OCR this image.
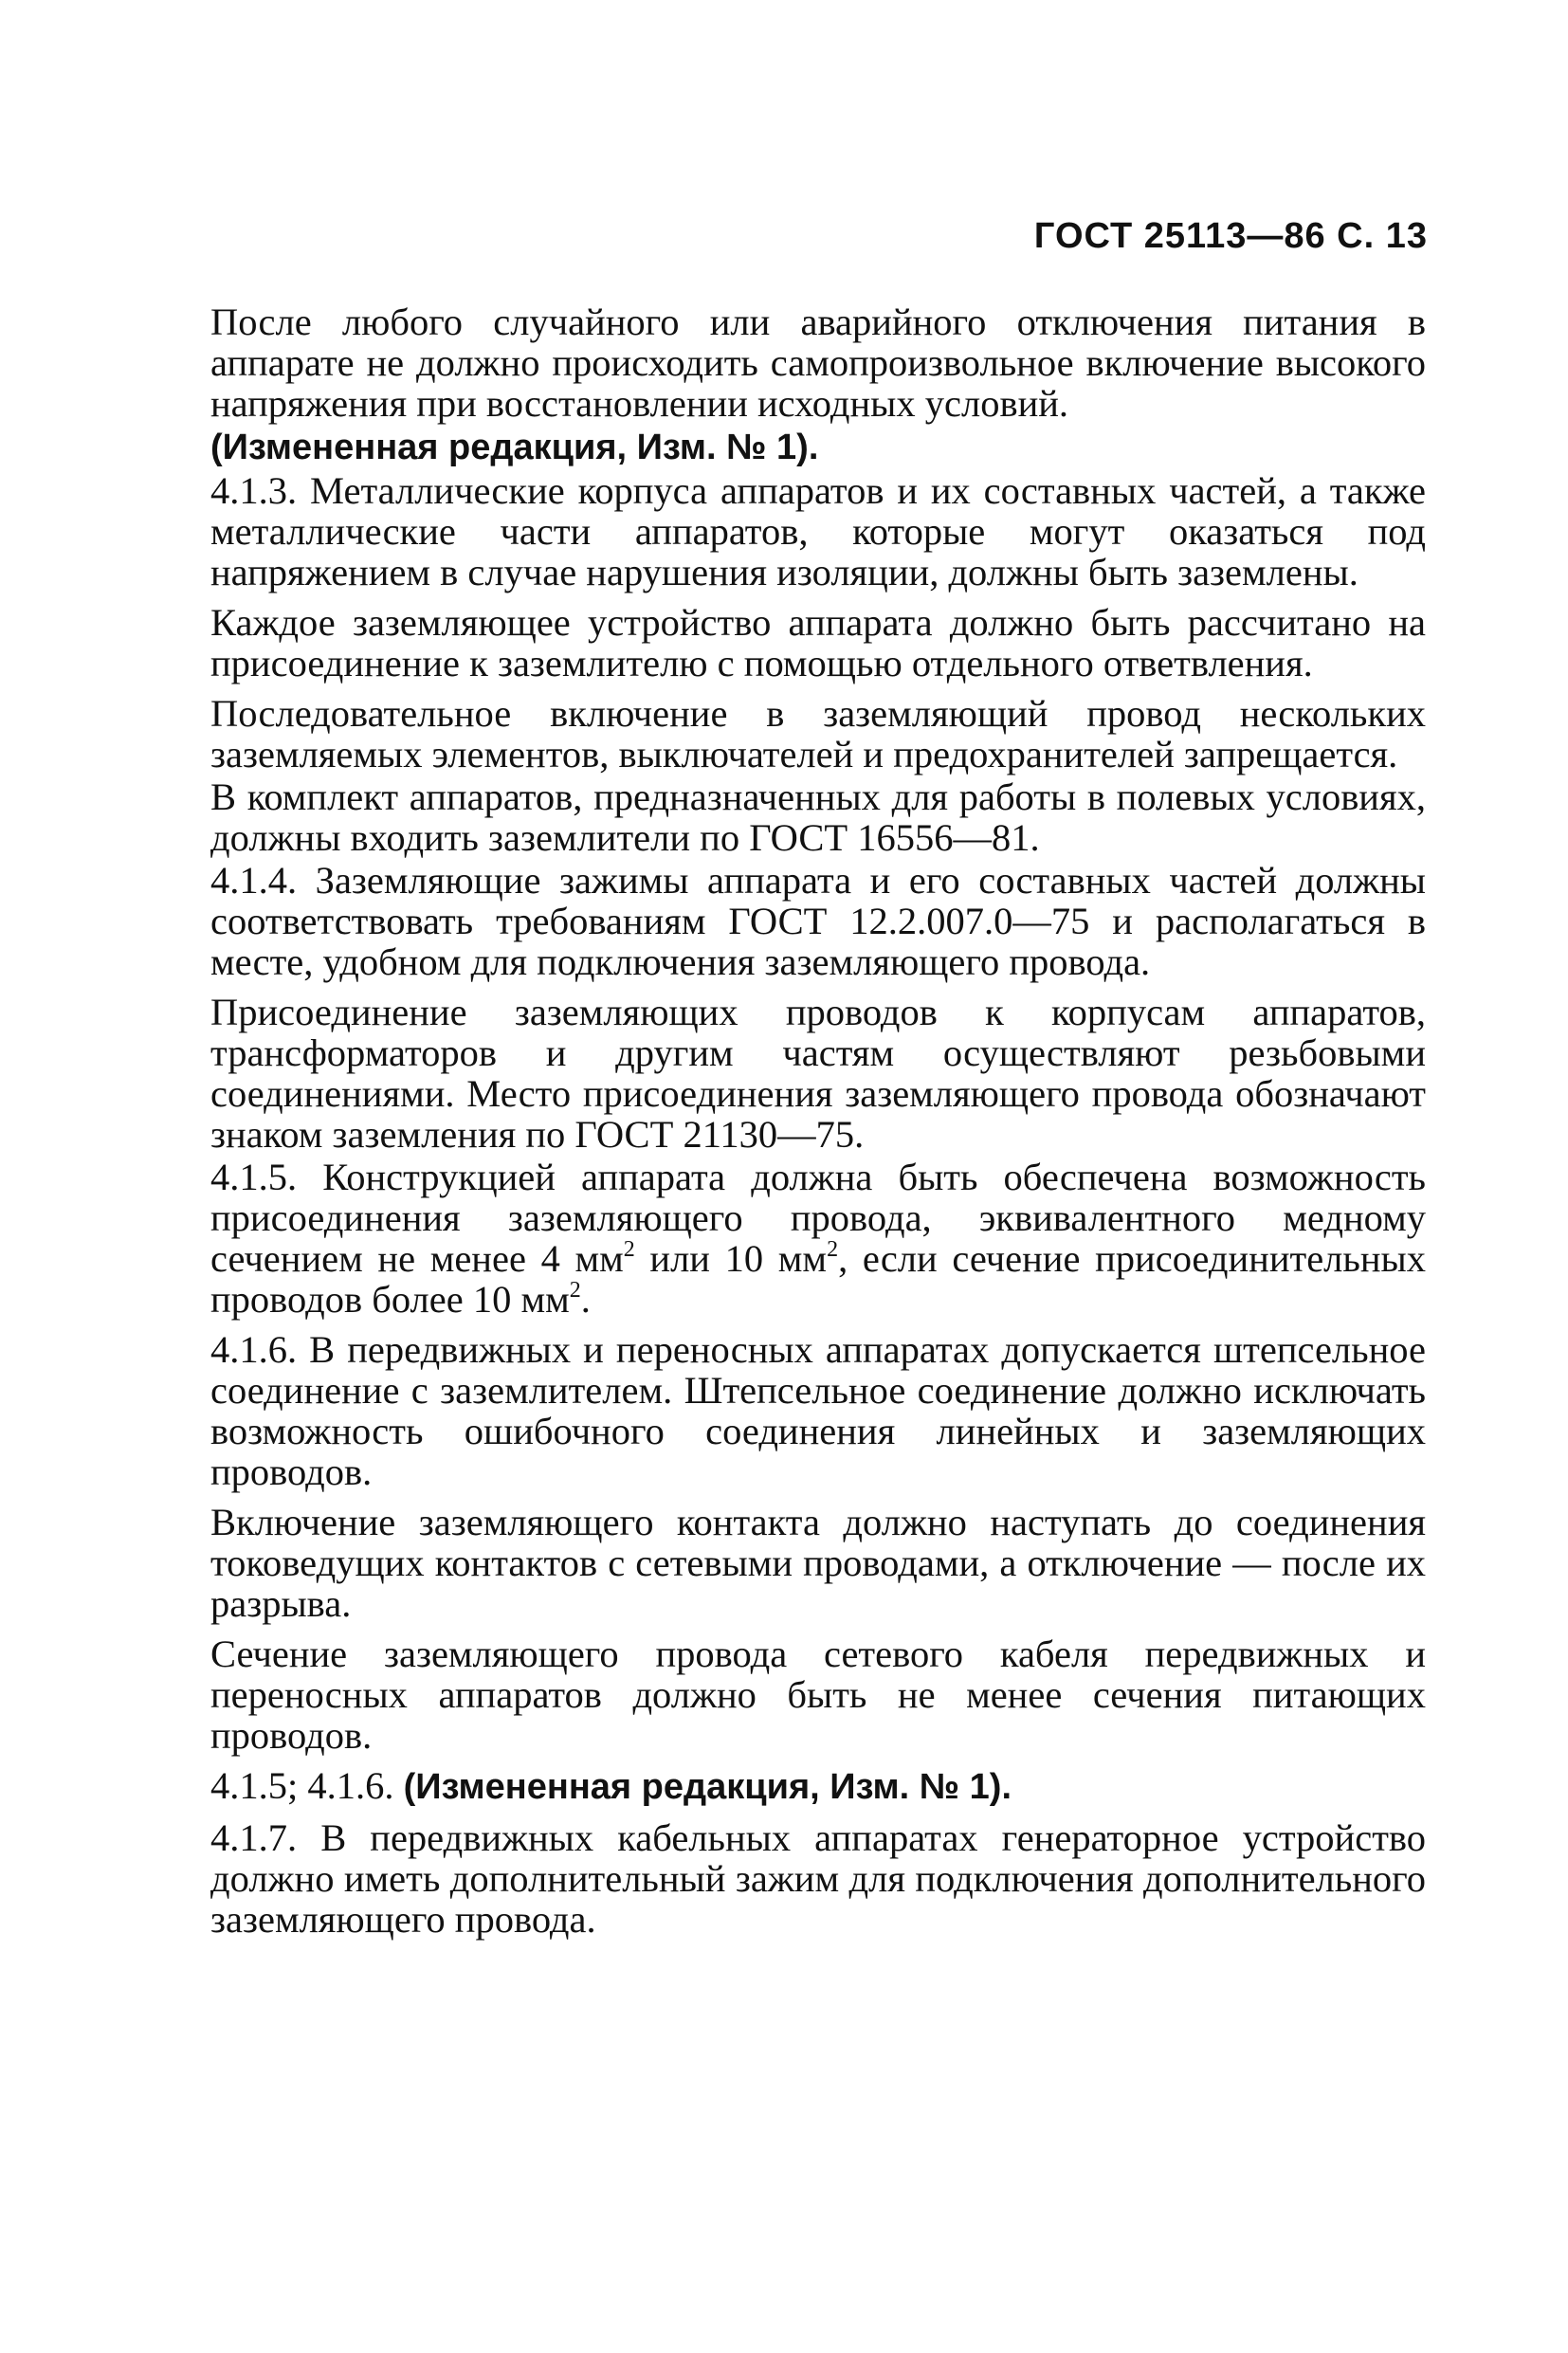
ГОСТ 25113—86 С. 13

После любого случайного или аварийного отключения питания в аппарате не должно происходить самопроизвольное включение высокого напряжения при восстановлении исходных условий.

(Измененная редакция, Изм. № 1).

4.1.3. Металлические корпуса аппаратов и их составных частей, а также металлические части аппаратов, которые могут оказаться под напряжением в случае нарушения изоляции, должны быть заземлены.

Каждое заземляющее устройство аппарата должно быть рассчитано на присоединение к заземлителю с помощью отдельного ответвления.

Последовательное включение в заземляющий провод нескольких заземляемых элементов, выключателей и предохранителей запрещается.

В комплект аппаратов, предназначенных для работы в полевых условиях, должны входить заземлители по ГОСТ 16556—81.

4.1.4. Заземляющие зажимы аппарата и его составных частей должны соответствовать требованиям ГОСТ 12.2.007.0—75 и располагаться в месте, удобном для подключения заземляющего провода.

Присоединение заземляющих проводов к корпусам аппаратов, трансформаторов и другим частям осуществляют резьбовыми соединениями. Место присоединения заземляющего провода обозначают знаком заземления по ГОСТ 21130—75.

4.1.5. Конструкцией аппарата должна быть обеспечена возможность присоединения заземляющего провода, эквивалентного медному сечением не менее 4 $мм^2$ или 10 $мм^2$, если сечение присоединительных проводов более 10 $мм^2$.

4.1.6. В передвижных и переносных аппаратах допускается штепсельное соединение с заземлителем. Штепсельное соединение должно исключать возможность ошибочного соединения линейных и заземляющих проводов.

Включение заземляющего контакта должно наступать до соединения токоведущих контактов с сетевыми проводами, а отключение — после их разрыва.

Сечение заземляющего провода сетевого кабеля передвижных и переносных аппаратов должно быть не менее сечения питающих проводов.

4.1.5; 4.1.6. (Измененная редакция, Изм. № 1).

4.1.7. В передвижных кабельных аппаратах генераторное устройство должно иметь дополнительный зажим для подключения дополнительного заземляющего провода.
